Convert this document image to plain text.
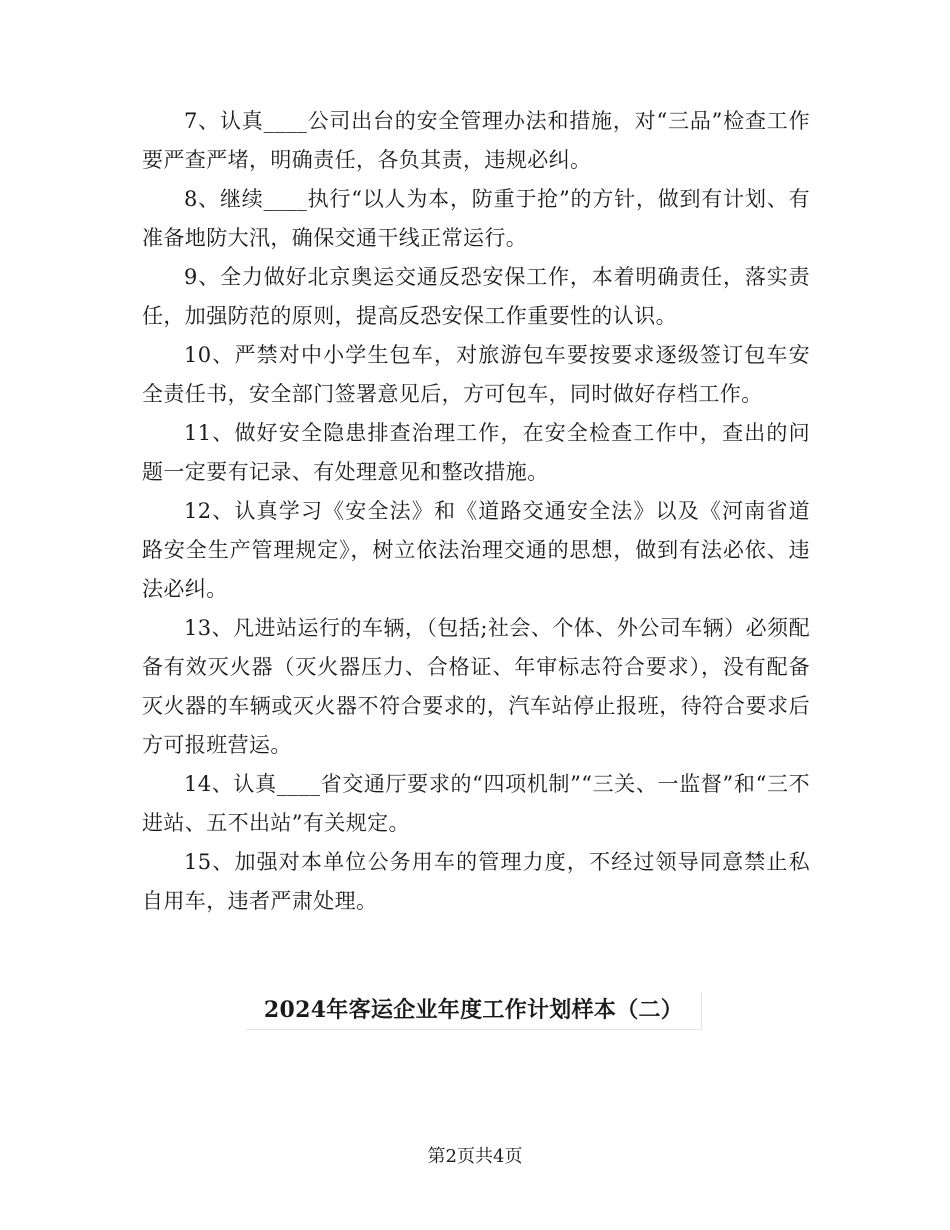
7、认真____公司出台的安全管理办法和措施，对“三品”检查工作要严查严堵，明确责任，各负其责，违规必纠。

8、继续____执行“以人为本，防重于抢”的方针，做到有计划、有准备地防大汛，确保交通干线正常运行。

9、全力做好北京奥运交通反恐安保工作，本着明确责任，落实责任，加强防范的原则，提高反恐安保工作重要性的认识。

10、严禁对中小学生包车，对旅游包车要按要求逐级签订包车安全责任书，安全部门签署意见后，方可包车，同时做好存档工作。

11、做好安全隐患排查治理工作，在安全检查工作中，查出的问题一定要有记录、有处理意见和整改措施。

12、认真学习《安全法》和《道路交通安全法》以及《河南省道路安全生产管理规定》，树立依法治理交通的思想，做到有法必依、违法必纠。

13、凡进站运行的车辆，（包括;社会、个体、外公司车辆）必须配备有效灭火器（灭火器压力、合格证、年审标志符合要求），没有配备灭火器的车辆或灭火器不符合要求的，汽车站停止报班，待符合要求后方可报班营运。

14、认真____省交通厅要求的“四项机制”“三关、一监督”和“三不进站、五不出站”有关规定。

15、加强对本单位公务用车的管理力度，不经过领导同意禁止私自用车，违者严肃处理。

2024年客运企业年度工作计划样本（二）
第2页共4页
